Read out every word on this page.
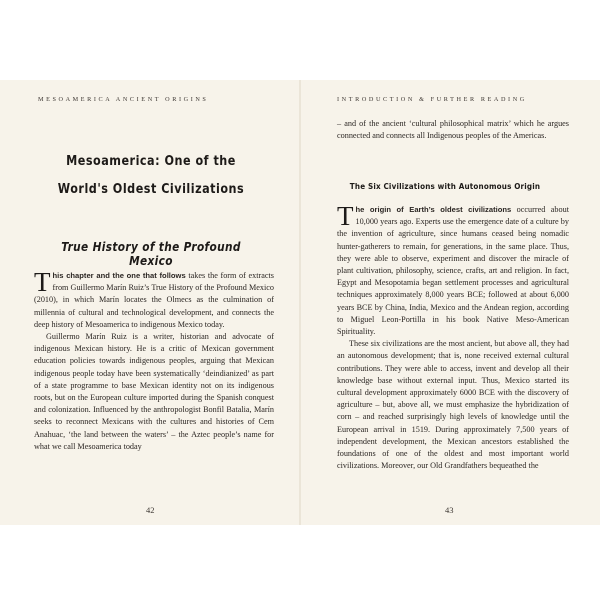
MESOAMERICA ANCIENT ORIGINS
Mesoamerica: One of the World's Oldest Civilizations
True History of the Profound Mexico

This chapter and the one that follows takes the form of extracts from Guillermo Marín Ruiz’s True History of the Profound Mexico (2010), in which Marín locates the Olmecs as the culmination of millennia of cultural and technological development, and connects the deep history of Mesoamerica to indigenous Mexico today.

Guillermo Marín Ruiz is a writer, historian and advocate of indigenous Mexican history. He is a critic of Mexican government education policies towards indigenous peoples, arguing that Mexican indigenous people today have been systematically ‘deindianized’ as part of a state programme to base Mexican identity not on its indigenous roots, but on the European culture imported during the Spanish conquest and colonization. Influenced by the anthropologist Bonfil Batalia, Marín seeks to reconnect Mexicans with the cultures and histories of Cem Anahuac, ‘the land between the waters’ – the Aztec people’s name for what we call Mesoamerica today

42
INTRODUCTION & FURTHER READING

– and of the ancient ‘cultural philosophical matrix’ which he argues connected and connects all Indigenous peoples of the Americas.

The Six Civilizations with Autonomous Origin

The origin of Earth’s oldest civilizations occurred about 10,000 years ago. Experts use the emergence date of a culture by the invention of agriculture, since humans ceased being nomadic hunter-gatherers to remain, for generations, in the same place. Thus, they were able to observe, experiment and discover the miracle of plant cultivation, philosophy, science, crafts, art and religion. In fact, Egypt and Mesopotamia began settlement processes and agricultural techniques approximately 8,000 years BCE; followed at about 6,000 years BCE by China, India, Mexico and the Andean region, according to Miguel Leon-Portilla in his book Native Meso-American Spirituality.

These six civilizations are the most ancient, but above all, they had an autonomous development; that is, none received external cultural contributions. They were able to access, invent and develop all their knowledge base without external input. Thus, Mexico started its cultural development approximately 6000 BCE with the discovery of agriculture – but, above all, we must emphasize the hybridization of corn – and reached surprisingly high levels of knowledge until the European arrival in 1519. During approximately 7,500 years of independent development, the Mexican ancestors established the foundations of one of the oldest and most important world civilizations. Moreover, our Old Grandfathers bequeathed the

43
